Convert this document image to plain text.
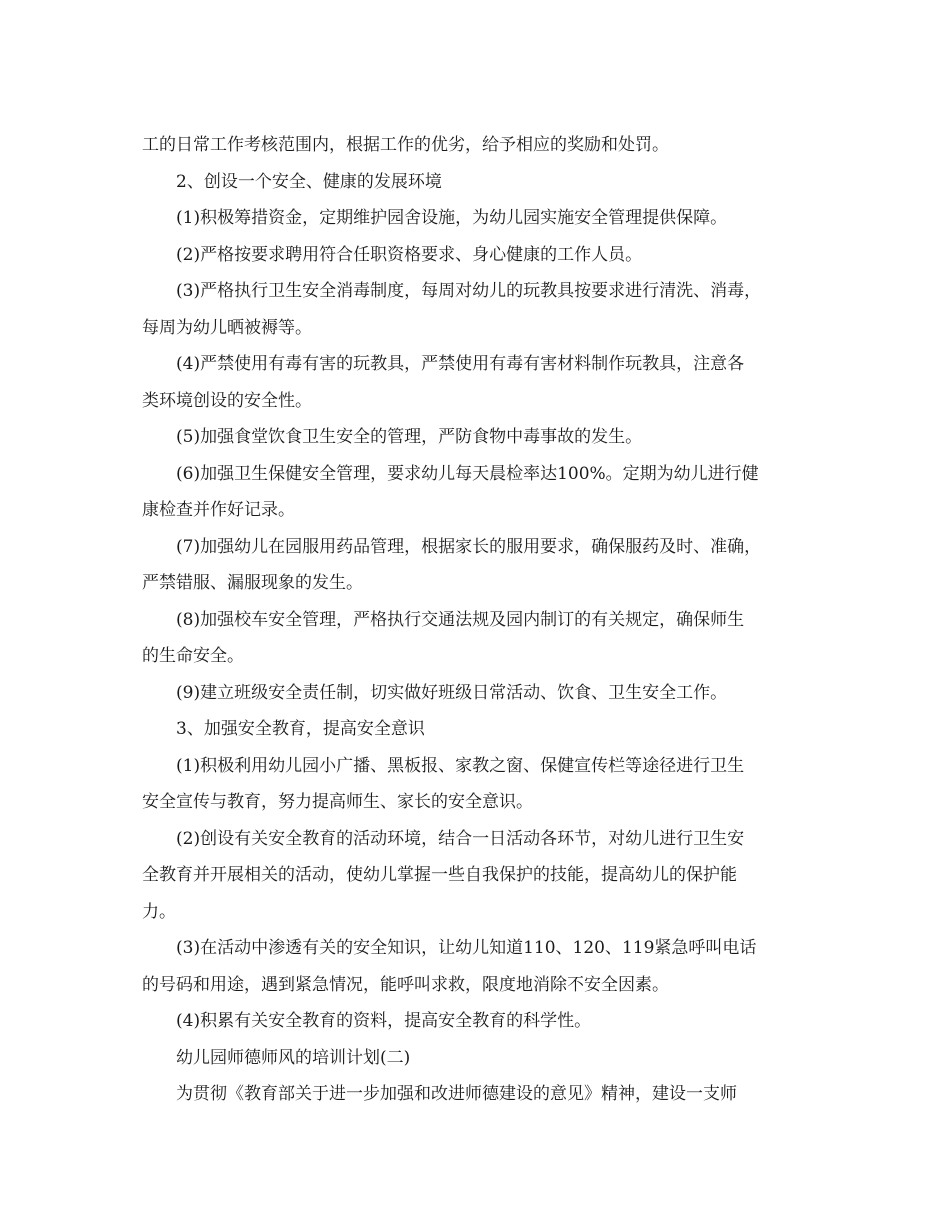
工的日常工作考核范围内，根据工作的优劣，给予相应的奖励和处罚。
2、创设一个安全、健康的发展环境
(1)积极筹措资金，定期维护园舍设施，为幼儿园实施安全管理提供保障。
(2)严格按要求聘用符合任职资格要求、身心健康的工作人员。
(3)严格执行卫生安全消毒制度，每周对幼儿的玩教具按要求进行清洗、消毒，
每周为幼儿晒被褥等。
(4)严禁使用有毒有害的玩教具，严禁使用有毒有害材料制作玩教具，注意各
类环境创设的安全性。
(5)加强食堂饮食卫生安全的管理，严防食物中毒事故的发生。
(6)加强卫生保健安全管理，要求幼儿每天晨检率达100%。定期为幼儿进行健
康检查并作好记录。
(7)加强幼儿在园服用药品管理，根据家长的服用要求，确保服药及时、准确，
严禁错服、漏服现象的发生。
(8)加强校车安全管理，严格执行交通法规及园内制订的有关规定，确保师生
的生命安全。
(9)建立班级安全责任制，切实做好班级日常活动、饮食、卫生安全工作。
3、加强安全教育，提高安全意识
(1)积极利用幼儿园小广播、黑板报、家教之窗、保健宣传栏等途径进行卫生
安全宣传与教育，努力提高师生、家长的安全意识。
(2)创设有关安全教育的活动环境，结合一日活动各环节，对幼儿进行卫生安
全教育并开展相关的活动，使幼儿掌握一些自我保护的技能，提高幼儿的保护能
力。
(3)在活动中渗透有关的安全知识，让幼儿知道110、120、119紧急呼叫电话
的号码和用途，遇到紧急情况，能呼叫求救，限度地消除不安全因素。
(4)积累有关安全教育的资料，提高安全教育的科学性。
幼儿园师德师风的培训计划(二)
为贯彻《教育部关于进一步加强和改进师德建设的意见》精神，建设一支师
